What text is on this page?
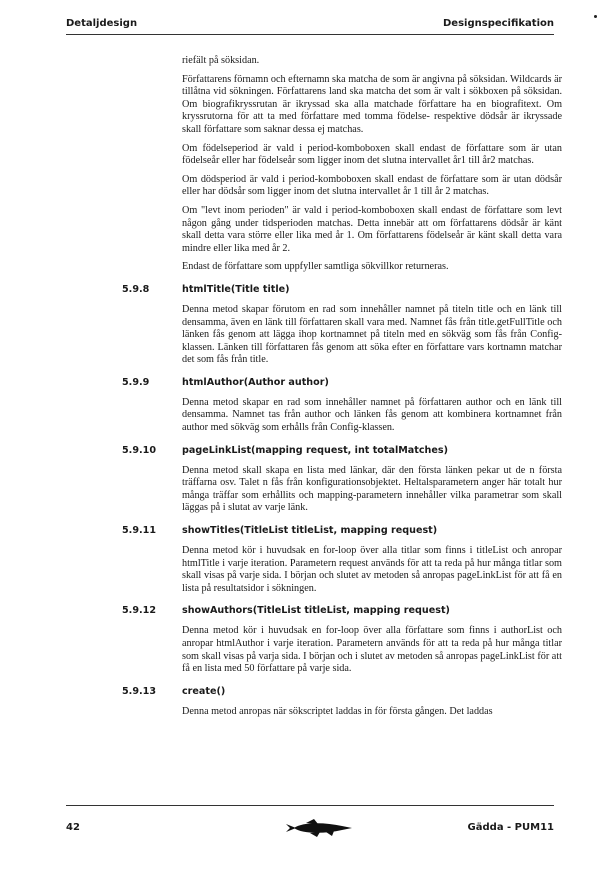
Detaljdesign	Designspecifikation

riefält på söksidan.

Författarens förnamn och efternamn ska matcha de som är angivna på söksidan. Wildcards är tillåtna vid sökningen. Författarens land ska matcha det som är valt i sökboxen på söksidan. Om biografikryssrutan är ikryssad ska alla matchade författare ha en biografitext. Om kryssrutorna för att ta med författare med tomma födelse- respektive dödsår är ikryssade skall författare som saknar dessa ej matchas.

Om födelseperiod är vald i period-komboboxen skall endast de författare som är utan födelseår eller har födelseår som ligger inom det slutna intervallet år1 till år2 matchas.

Om dödsperiod är vald i period-komboboxen skall endast de författare som är utan dödsår eller har dödsår som ligger inom det slutna intervallet år 1 till år 2 matchas.

Om "levt inom perioden" är vald i period-komboboxen skall endast de författare som levt någon gång under tidsperioden matchas. Detta innebär att om författarens dödsår är känt skall detta vara större eller lika med år 1. Om författarens födelseår är känt skall detta vara mindre eller lika med år 2.

Endast de författare som uppfyller samtliga sökvillkor returneras.

5.9.8	htmlTitle(Title title)

Denna metod skapar förutom en rad som innehåller namnet på titeln title och en länk till densamma, även en länk till författaren skall vara med. Namnet fås från title.getFullTitle och länken fås genom att lägga ihop kortnamnet på titeln med en sökväg som fås från Config-klassen. Länken till författaren fås genom att söka efter en författare vars kortnamn matchar det som fås från title.

5.9.9	htmlAuthor(Author author)

Denna metod skapar en rad som innehåller namnet på författaren author och en länk till densamma. Namnet tas från author och länken fås genom att kombinera kortnamnet från author med sökväg som erhålls från Config-klassen.

5.9.10	pageLinkList(mapping request, int totalMatches)

Denna metod skall skapa en lista med länkar, där den första länken pekar ut de n första träffarna osv. Talet n fås från konfigurationsobjektet. Heltalsparametern anger här totalt hur många träffar som erhållits och mapping-parametern innehåller vilka parametrar som skall läggas på i slutat av varje länk.

5.9.11	showTitles(TitleList titleList, mapping request)

Denna metod kör i huvudsak en for-loop över alla titlar som finns i titleList och anropar htmlTitle i varje iteration. Parametern request används för att ta reda på hur många titlar som skall visas på varje sida. I början och slutet av metoden så anropas pageLinkList för att få en lista på resultatsidor i sökningen.

5.9.12	showAuthors(TitleList titleList, mapping request)

Denna metod kör i huvudsak en for-loop över alla författare som finns i authorList och anropar htmlAuthor i varje iteration. Parametern används för att ta reda på hur många titlar som skall visas på varja sida. I början och i slutet av metoden så anropas pageLinkList för att få en lista med 50 författare på varje sida.

5.9.13	create()

Denna metod anropas när sökscriptet laddas in för första gången. Det laddas

42	Gädda - PUM11
